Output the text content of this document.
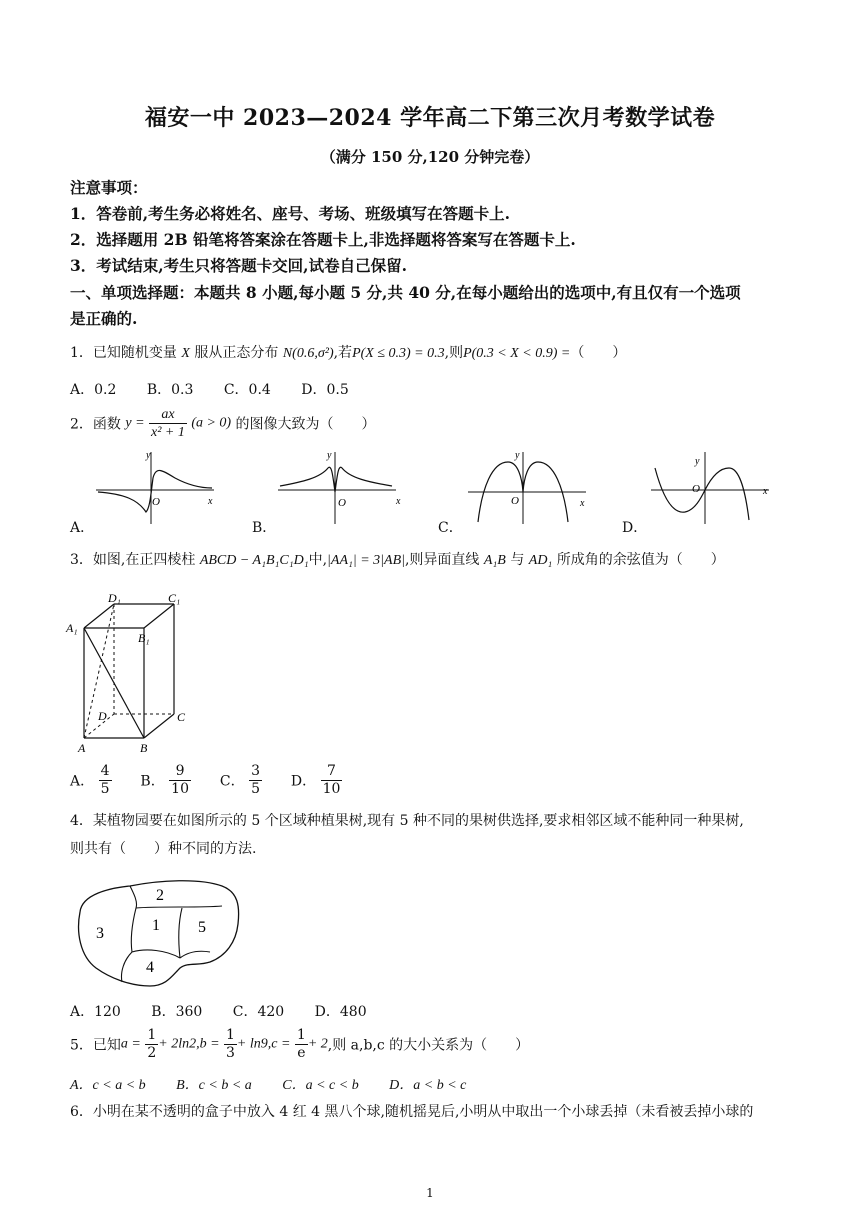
福安一中 2023—2024 学年高二下第三次月考数学试卷
（满分 150 分,120 分钟完卷）
注意事项：
1．答卷前,考生务必将姓名、座号、考场、班级填写在答题卡上.
2．选择题用 2B 铅笔将答案涂在答题卡上,非选择题将答案写在答题卡上.
3．考试结束,考生只将答题卡交回,试卷自己保留.
一、单项选择题：本题共 8 小题,每小题 5 分,共 40 分,在每小题给出的选项中,有且仅有一个选项
是正确的.
1．已知随机变量 X 服从正态分布 N(0.6,σ²),若P(X ≤ 0.3) = 0.3,则P(0.3 < X < 0.9) =（　　）
A．0.2 B．0.3 C．0.4 D．0.5
2．函数 $y = \frac{ax}{\text{x² + 1}} (a > 0)$ 的图像大致为（　　）
y
x
O
A．
y
x
O
B．
y
x
O
C．
y
x
O
D．
3．如图,在正四棱柱 ABCD − A₁B₁C₁D₁中,|AA₁| = 3|AB|,则异面直线 A₁B 与 AD₁ 所成角的余弦值为（　　）
D₁	C₁
A₁
B₁
D	C
A	B
A． $\frac{4}{5}$ B． $\frac{9}{10}$ C． $\frac{3}{5}$ D． $\frac{7}{10}$
4．某植物园要在如图所示的 5 个区域种植果树,现有 5 种不同的果树供选择,要求相邻区域不能种同一种果树,
则共有（　　）种不同的方法.
2
1 5
3
4
A．120 B．360 C．420 D．480
5．已知$a = \frac{1}{2} + 2\ln 2,b = \frac{1}{3} + \ln 9,c = \frac{1}{e} + 2$,则 a,b,c 的大小关系为（　　）
A．c < a < b B．c < b < a C．a < c < b D．a < b < c
6．小明在某不透明的盒子中放入 4 红 4 黑八个球,随机摇晃后,小明从中取出一个小球丢掉（未看被丢掉小球的
1
